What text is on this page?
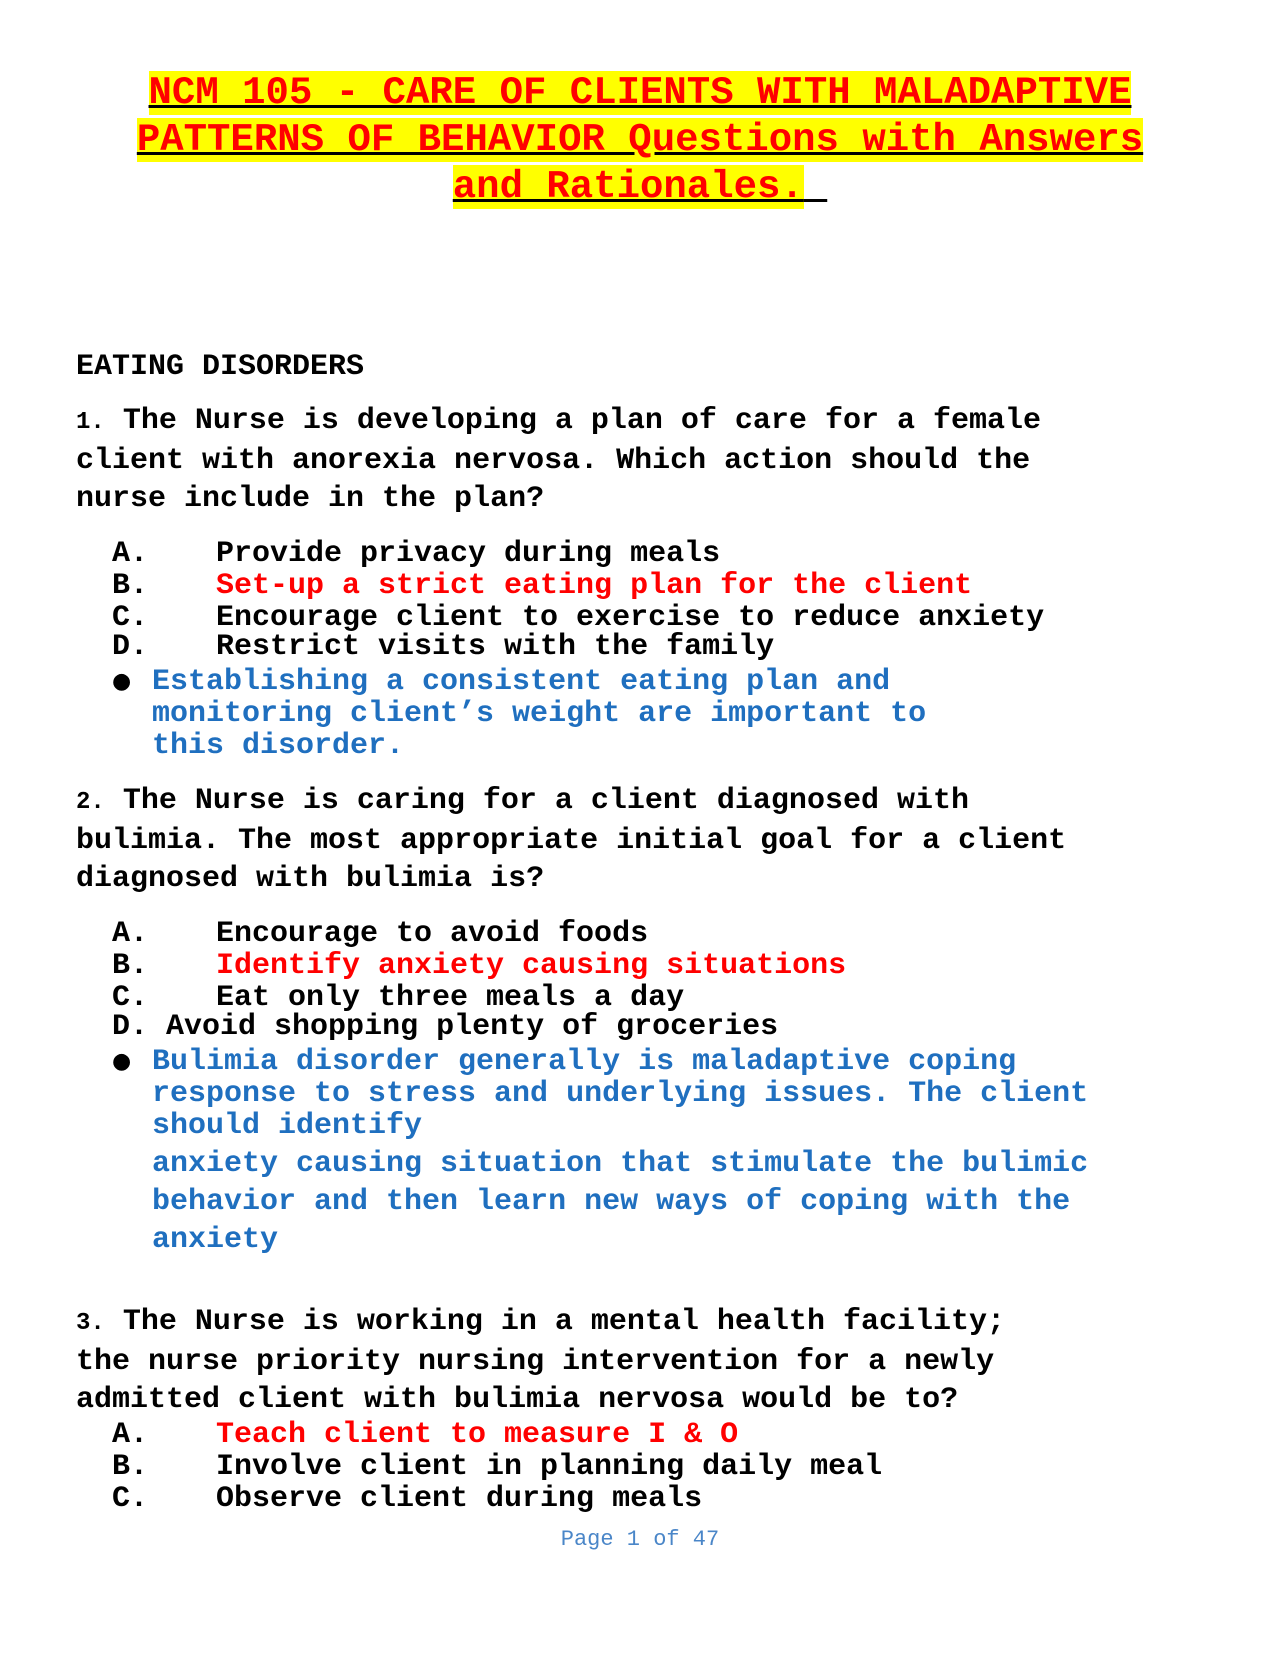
NCM 105 - CARE OF CLIENTS WITH MALADAPTIVE
PATTERNS OF BEHAVIOR Questions with Answers
and Rationales.
EATING DISORDERS
1. The Nurse is developing a plan of care for a female
client with anorexia nervosa. Which action should the
nurse include in the plan?
A. Provide privacy during meals
B. Set-up a strict eating plan for the client
C. Encourage client to exercise to reduce anxiety
D. Restrict visits with the family
● Establishing a consistent eating plan and
monitoring client’s weight are important to
this disorder.
2. The Nurse is caring for a client diagnosed with
bulimia. The most appropriate initial goal for a client
diagnosed with bulimia is?
A. Encourage to avoid foods
B. Identify anxiety causing situations
C. Eat only three meals a day
D. Avoid shopping plenty of groceries
● Bulimia disorder generally is maladaptive coping
response to stress and underlying issues. The client
should identify
anxiety causing situation that stimulate the bulimic
behavior and then learn new ways of coping with the
anxiety
3. The Nurse is working in a mental health facility;
the nurse priority nursing intervention for a newly
admitted client with bulimia nervosa would be to?
A. Teach client to measure I & O
B. Involve client in planning daily meal
C. Observe client during meals
Page 1 of 47
